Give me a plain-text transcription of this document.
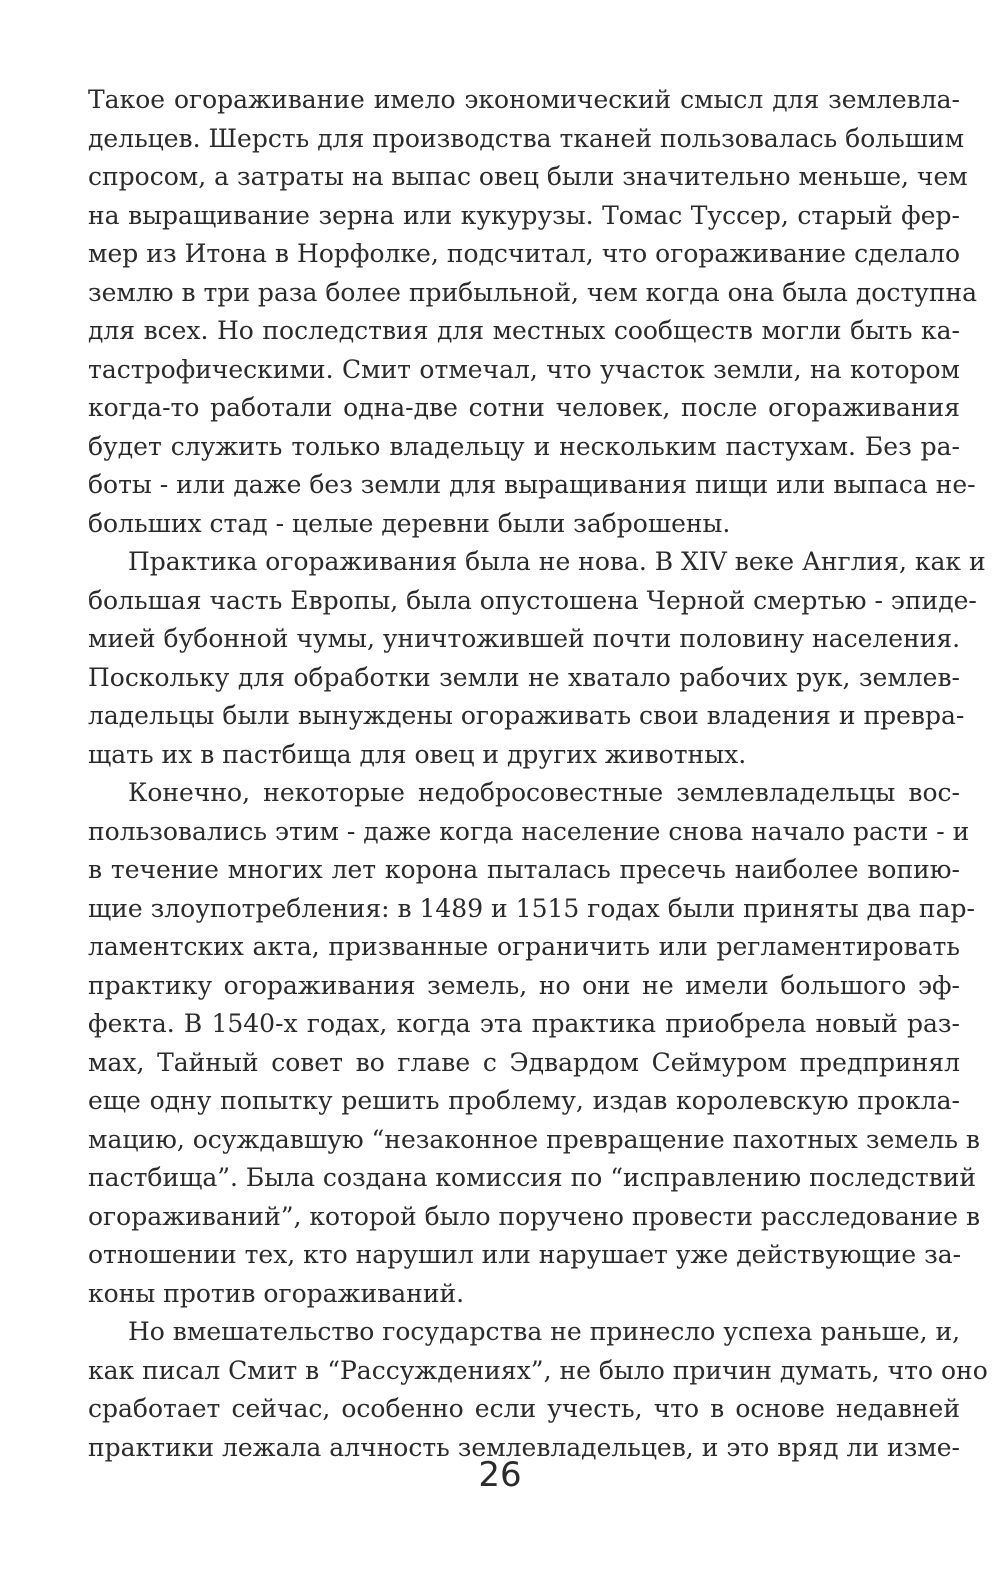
Такое огораживание имело экономический смысл для землевла-
дельцев. Шерсть для производства тканей пользовалась большим
спросом, а затраты на выпас овец были значительно меньше, чем
на выращивание зерна или кукурузы. Томас Туссер, старый фер-
мер из Итона в Норфолке, подсчитал, что огораживание сделало
землю в три раза более прибыльной, чем когда она была доступна
для всех. Но последствия для местных сообществ могли быть ка-
тастрофическими. Смит отмечал, что участок земли, на котором
когда-то работали одна-две сотни человек, после огораживания
будет служить только владельцу и нескольким пастухам. Без ра-
боты - или даже без земли для выращивания пищи или выпаса не-
больших стад - целые деревни были заброшены.
Практика огораживания была не нова. В XIV веке Англия, как и
большая часть Европы, была опустошена Черной смертью - эпиде-
мией бубонной чумы, уничтожившей почти половину населения.
Поскольку для обработки земли не хватало рабочих рук, землев-
ладельцы были вынуждены огораживать свои владения и превра-
щать их в пастбища для овец и других животных.
Конечно, некоторые недобросовестные землевладельцы вос-
пользовались этим - даже когда население снова начало расти - и
в течение многих лет корона пыталась пресечь наиболее вопию-
щие злоупотребления: в 1489 и 1515 годах были приняты два пар-
ламентских акта, призванные ограничить или регламентировать
практику огораживания земель, но они не имели большого эф-
фекта. В 1540-х годах, когда эта практика приобрела новый раз-
мах, Тайный совет во главе с Эдвардом Сеймуром предпринял
еще одну попытку решить проблему, издав королевскую прокла-
мацию, осуждавшую “незаконное превращение пахотных земель в
пастбища”. Была создана комиссия по “исправлению последствий
огораживаний”, которой было поручено провести расследование в
отношении тех, кто нарушил или нарушает уже действующие за-
коны против огораживаний.
Но вмешательство государства не принесло успеха раньше, и,
как писал Смит в “Рассуждениях”, не было причин думать, что оно
сработает сейчас, особенно если учесть, что в основе недавней
практики лежала алчность землевладельцев, и это вряд ли изме-
26
